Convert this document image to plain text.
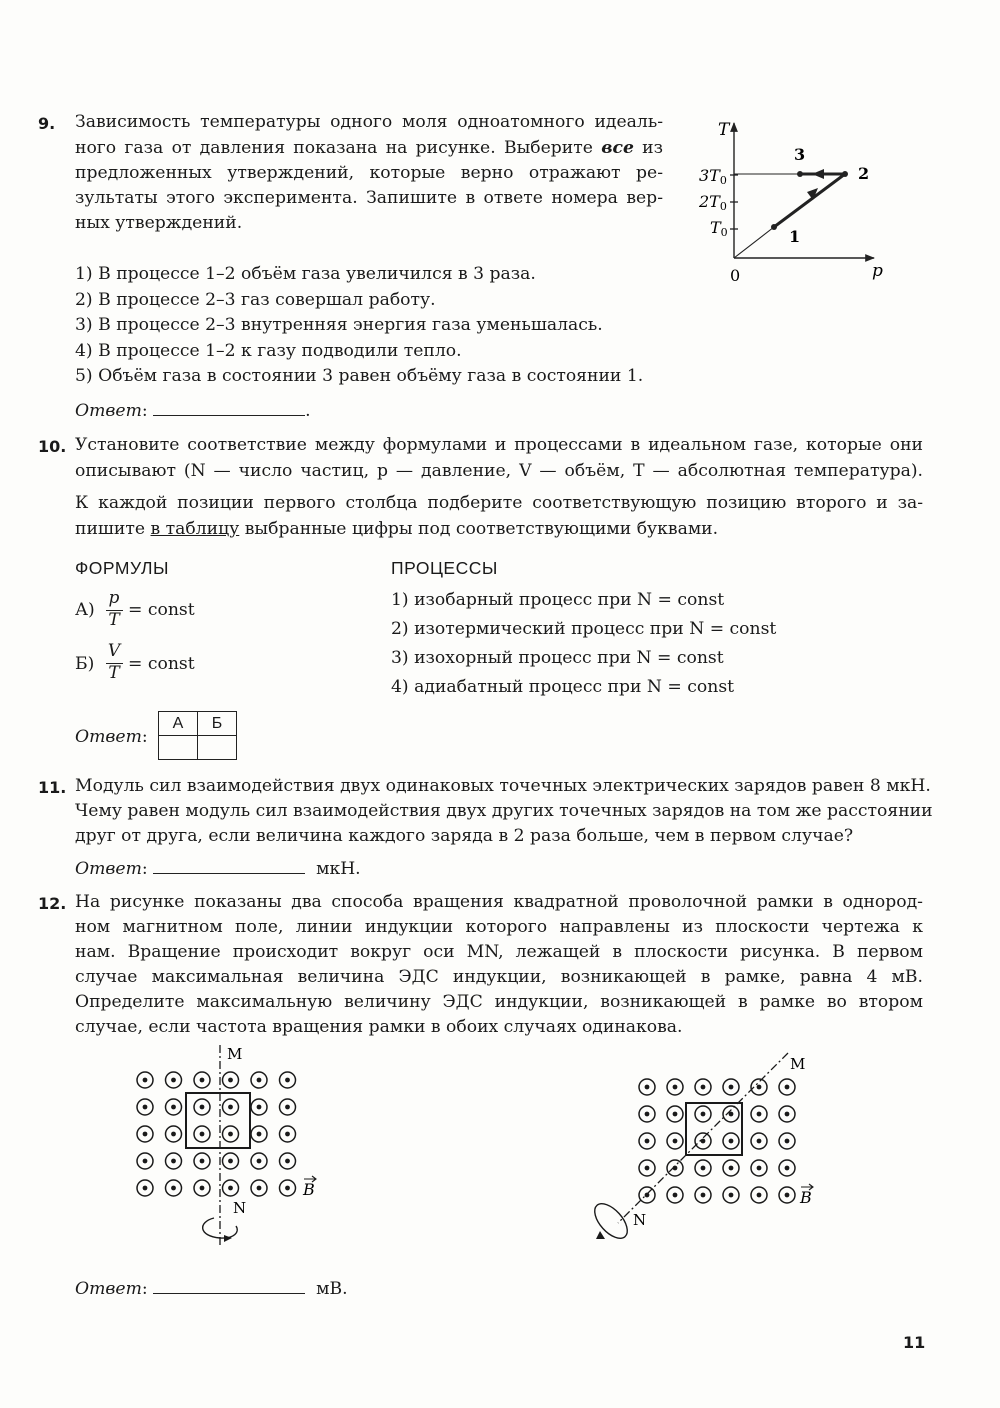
9. Зависимость температуры одного моля одноатомного идеаль-
ного газа от давления показана на рисунке. Выберите все из
предложенных утверждений, которые верно отражают ре-
зультаты этого эксперимента. Запишите в ответе номера вер-
ных утверждений.
1) В процессе 1–2 объём газа увеличился в 3 раза.
2) В процессе 2–3 газ совершал работу.
3) В процессе 2–3 внутренняя энергия газа уменьшалась.
4) В процессе 1–2 к газу подводили тепло.
5) Объём газа в состоянии 3 равен объёму газа в состоянии 1.
Ответ:	.
T
p
0
3T0
2T0
T0	1
2
3
10. Установите соответствие между формулами и процессами в идеальном газе, которые они
описывают (N — число частиц, p — давление, V — объём, T — абсолютная температура).
К каждой позиции первого столбца подберите соответствующую позицию второго и за-
пишите в таблицу выбранные цифры под соответствующими буквами.
ФОРМУЛЫ	ПРОЦЕССЫ
А)
p
T = const
Б)
V
T = const
1) изобарный процесс при N = const
2) изотермический процесс при N = const
3) изохорный процесс при N = const
4) адиабатный процесс при N = const
Ответ:
А	Б

11. Модуль сил взаимодействия двух одинаковых точечных электрических зарядов равен 8 мкН.
Чему равен модуль сил взаимодействия двух других точечных зарядов на том же расстоянии
друг от друга, если величина каждого заряда в 2 раза больше, чем в первом случае?
Ответ:	мкН.
12. На рисунке показаны два способа вращения квадратной проволочной рамки в однород-
ном магнитном поле, линии индукции которого направлены из плоскости чертежа к
нам. Вращение происходит вокруг оси MN, лежащей в плоскости рисунка. В первом
случае максимальная величина ЭДС индукции, возникающей в рамке, равна 4 мВ.
Определите максимальную величину ЭДС индукции, возникающей в рамке во втором
случае, если частота вращения рамки в обоих случаях одинакова.
M
N
B
M
N
B
Ответ:	мВ.
11
